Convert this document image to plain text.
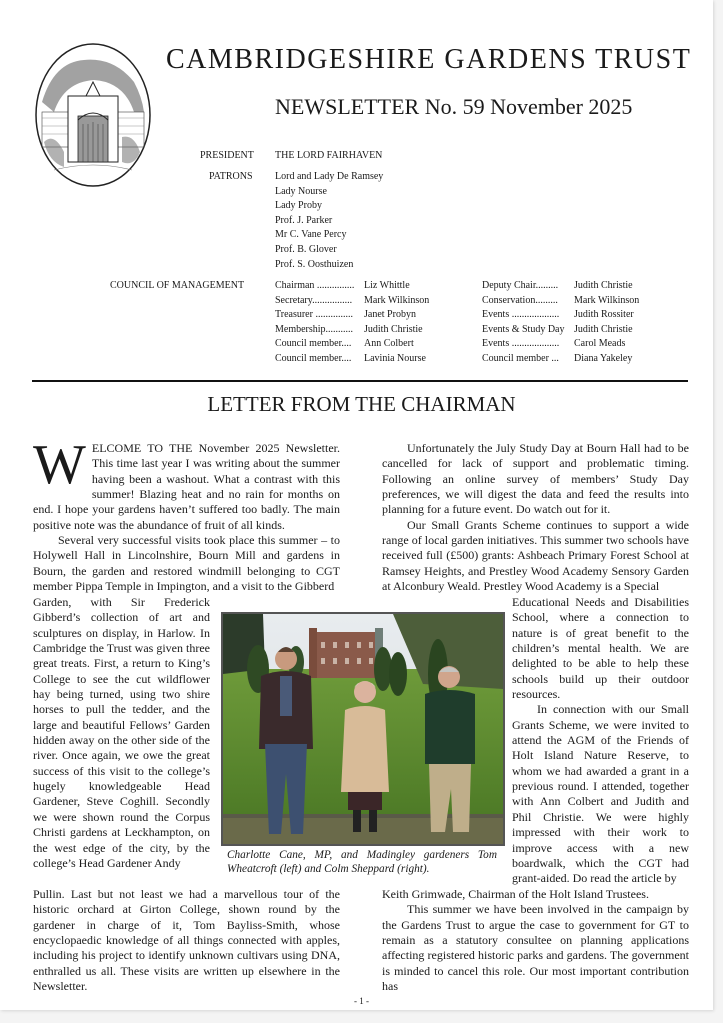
CAMBRIDGESHIRE GARDENS TRUST
NEWSLETTER No. 59 November 2025
PRESIDENT THE LORD FAIRHAVEN
PATRONS Lord and Lady De Ramsey
Lady Nourse
Lady Proby
Prof. J. Parker
Mr C. Vane Percy
Prof. B. Glover
Prof. S. Oosthuizen
COUNCIL OF MANAGEMENT	Chairman ............... Liz Whittle
Secretary................ Mark Wilkinson
Treasurer ............... Janet Probyn
Membership........... Judith Christie
Council member.... Ann Colbert
Council member.... Lavinia Nourse
Deputy Chair......... Judith Christie
Conservation......... Mark Wilkinson
Events ................... Judith Rossiter
Events & Study Day Judith Christie
Events ................... Carol Meads
Council member ... Diana Yakeley
LETTER FROM THE CHAIRMAN

WELCOME TO THE November 2025 Newsletter. This time last year I was writing about the summer having been a washout. What a contrast with this summer! Blazing heat and no rain for months on end. I hope your gardens haven’t suffered too badly. The main positive note was the abundance of fruit of all kinds.

Several very successful visits took place this summer – to Holywell Hall in Lincolnshire, Bourn Mill and gardens in Bourn, the garden and restored windmill belonging to CGT member Pippa Temple in Impington, and a visit to the Gibberd

Garden, with Sir Frederick Gibberd’s collection of art and sculptures on display, in Harlow. In Cambridge the Trust was given three great treats. First, a return to King’s College to see the cut wildflower hay being turned, using two shire horses to pull the tedder, and the large and beautiful Fellows’ Garden hidden away on the other side of the river. Once again, we owe the great success of this visit to the college’s hugely knowledgeable Head Gardener, Steve Coghill. Secondly we were shown round the Corpus Christi gardens at Leckhampton, on the west edge of the city, by the college’s Head Gardener Andy

Pullin. Last but not least we had a marvellous tour of the historic orchard at Girton College, shown round by the gardener in charge of it, Tom Bayliss-Smith, whose encyclopaedic knowledge of all things connected with apples, including his project to identify unknown cultivars using DNA, enthralled us all. These visits are written up elsewhere in the Newsletter.

Unfortunately the July Study Day at Bourn Hall had to be cancelled for lack of support and problematic timing. Following an online survey of members’ Study Day preferences, we will digest the data and feed the results into planning for a future event. Do watch out for it.

Our Small Grants Scheme continues to support a wide range of local garden initiatives. This summer two schools have received full (£500) grants: Ashbeach Primary Forest School at Ramsey Heights, and Prestley Wood Academy Sensory Garden at Alconbury Weald. Prestley Wood Academy is a Special

Educational Needs and Disabilities School, where a connection to nature is of great benefit to the children’s mental health. We are delighted to be able to help these schools build up their outdoor resources.

In connection with our Small Grants Scheme, we were invited to attend the AGM of the Friends of Holt Island Nature Reserve, to whom we had awarded a grant in a previous round. I attended, together with Ann Colbert and Judith and Phil Christie. We were highly impressed with their work to improve access with a new boardwalk, which the CGT had grant-aided. Do read the article by

Keith Grimwade, Chairman of the Holt Island Trustees.

This summer we have been involved in the campaign by the Gardens Trust to argue the case to government for GT to remain as a statutory consultee on planning applications affecting registered historic parks and gardens. The government is minded to cancel this role. Our most important contribution has

Charlotte Cane, MP, and Madingley gardeners Tom Wheatcroft (left) and Colm Sheppard (right).
- 1 -
